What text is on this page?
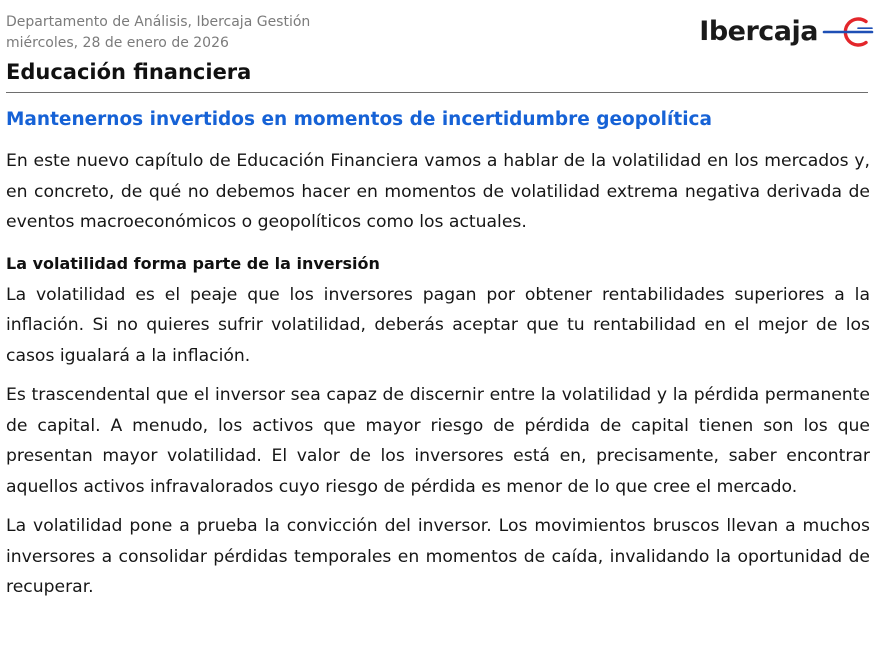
Departamento de Análisis, Ibercaja Gestión
miércoles, 28 de enero de 2026	Ibercaja
Educación financiera
Mantenernos invertidos en momentos de incertidumbre geopolítica

En este nuevo capítulo de Educación Financiera vamos a hablar de la volatilidad en los mercados y, en concreto, de qué no debemos hacer en momentos de volatilidad extrema negativa derivada de eventos macroeconómicos o geopolíticos como los actuales.

La volatilidad forma parte de la inversión

La volatilidad es el peaje que los inversores pagan por obtener rentabilidades superiores a la inflación. Si no quieres sufrir volatilidad, deberás aceptar que tu rentabilidad en el mejor de los casos igualará a la inflación.

Es trascendental que el inversor sea capaz de discernir entre la volatilidad y la pérdida permanente de capital. A menudo, los activos que mayor riesgo de pérdida de capital tienen son los que presentan mayor volatilidad. El valor de los inversores está en, precisamente, saber encontrar aquellos activos infravalorados cuyo riesgo de pérdida es menor de lo que cree el mercado.

La volatilidad pone a prueba la convicción del inversor. Los movimientos bruscos llevan a muchos inversores a consolidar pérdidas temporales en momentos de caída, invalidando la oportunidad de recuperar.
